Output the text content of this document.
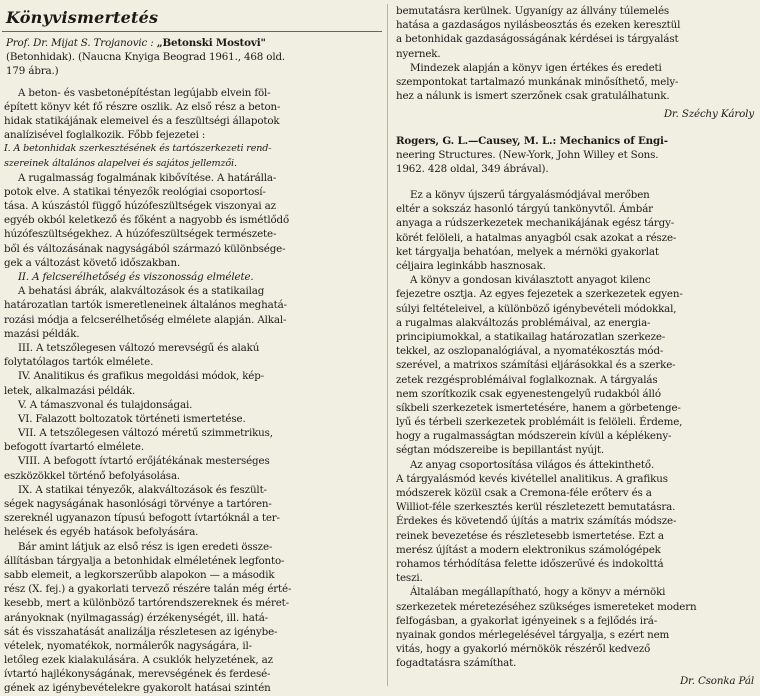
Könyvismertetés
Prof. Dr. Mijat S. Trojanovic : „Betonski Mostovi"
(Betonhidak). (Naucna Knyiga Beograd 1961., 468 old.
179 ábra.)
A beton- és vasbetonépítéstan legújabb elvein föl-
épített könyv két fő részre oszlik. Az első rész a beton-
hidak statikájának elemeivel és a feszültségi állapotok
analízisével foglalkozik. Főbb fejezetei :
I. A betonhidak szerkesztésének és tartószerkezeti rend-
szereinek általános alapelvei és sajátos jellemzői.
A rugalmasság fogalmának kibővítése. A határálla-
potok elve. A statikai tényezők reológiai csoportosí-
tása. A kúszástól függő húzófeszültségek viszonyai az
egyéb okból keletkező és főként a nagyobb és ismétlődő
húzófeszültségekhez. A húzófeszültségek természete-
ből és változásának nagyságából származó különbsége-
gek a változást követő időszakban.
II. A felcserélhetőség és viszonosság elmélete.
A behatási ábrák, alakváltozások és a statikailag
határozatlan tartók ismeretleneinek általános meghatá-
rozási módja a felcserélhetőség elmélete alapján. Alkal-
mazási példák.
III. A tetszőlegesen változó merevségű és alakú
folytatólagos tartók elmélete.
IV. Analitikus és grafikus megoldási módok, kép-
letek, alkalmazási példák.
V. A támaszvonal és tulajdonságai.
VI. Falazott boltozatok történeti ismertetése.
VII. A tetszőlegesen változó méretű szimmetrikus,
befogott ívartartó elmélete.
VIII. A befogott ívtartó erőjátékának mesterséges
eszközökkel történő befolyásolása.
IX. A statikai tényezők, alakváltozások és feszült-
ségek nagyságának hasonlósági törvénye a tartóren-
szereknél ugyanazon típusú befogott ívtartóknál a ter-
helések és egyéb hatások befolyására.
Bár amint látjuk az első rész is igen eredeti össze-
állításban tárgyalja a betonhidak elméletének legfonto-
sabb elemeit, a legkorszerűbb alapokon — a második
rész (X. fej.) a gyakorlati tervező részére talán még érté-
kesebb, mert a különböző tartórendszereknek és méret-
arányoknak (nyilmagasság) érzékenységét, ill. hatá-
sát és visszahatását analizálja részletesen az igénybe-
vételek, nyomatékok, normálerők nagyságára, il-
letőleg ezek kialakulására. A csuklók helyzetének, az
ívtartó hajlékonyságának, merevségének és ferdesé-
gének az igénybevételekre gyakorolt hatásai szintén
bemutatásra kerülnek. Ugyanígy az állvány túlemelés
hatása a gazdaságos nyilásbeosztás és ezeken keresztül
a betonhidak gazdaságosságának kérdései is tárgyalást
nyernek.
Mindezek alapján a könyv igen értékes és eredeti
szempontokat tartalmazó munkának minősíthető, mely-
hez a nálunk is ismert szerzőnek csak gratulálhatunk.
Dr. Széchy Károly
Rogers, G. L.—Causey, M. L.: Mechanics of Engi-
neering Structures. (New-York, John Willey et Sons.
1962. 428 oldal, 349 ábrával).
Ez a könyv újszerű tárgyalásmódjával merőben
eltér a sokszáz hasonló tárgyú tankönyvtől. Ámbár
anyaga a rúdszerkezetek mechanikájának egész tárgy-
körét felöleli, a hatalmas anyagból csak azokat a része-
ket tárgyalja behatóan, melyek a mérnöki gyakorlat
céljaira leginkább hasznosak.
A könyv a gondosan kiválasztott anyagot kilenc
fejezetre osztja. Az egyes fejezetek a szerkezetek egyen-
súlyi feltételeivel, a különböző igénybevételi módokkal,
a rugalmas alakváltozás problémáival, az energia-
principiumokkal, a statikailag határozatlan szerkeze-
tekkel, az oszlopanalógiával, a nyomatékosztás mód-
szerével, a matrixos számítási eljárásokkal és a szerke-
zetek rezgésproblémáival foglalkoznak. A tárgyalás
nem szorítkozik csak egyenestengelyű rudakból álló
síkbeli szerkezetek ismertetésére, hanem a görbetenge-
lyű és térbeli szerkezetek problémáit is felöleli. Érdeme,
hogy a rugalmasságtan módszerein kívül a képlékeny-
ségtan módszereibe is bepillantást nyújt.
Az anyag csoportosítása világos és áttekinthető.
A tárgyalásmód kevés kivétellel analitikus. A grafikus
módszerek közül csak a Cremona-féle erőterv és a
Williot-féle szerkesztés kerül részletezett bemutatásra.
Érdekes és követendő újítás a matrix számítás módsze-
reinek bevezetése és részletesebb ismertetése. Ezt a
merész újítást a modern elektronikus számológépek
rohamos térhódítása felette időszerűvé és indokolttá
teszi.
Általában megállapítható, hogy a könyv a mérnöki
szerkezetek méretezéséhez szükséges ismereteket modern
felfogásban, a gyakorlat igényeinek s a fejlődés irá-
nyainak gondos mérlegelésével tárgyalja, s ezért nem
vitás, hogy a gyakorló mérnökök részéről kedvező
fogadtatásra számíthat.
Dr. Csonka Pál
